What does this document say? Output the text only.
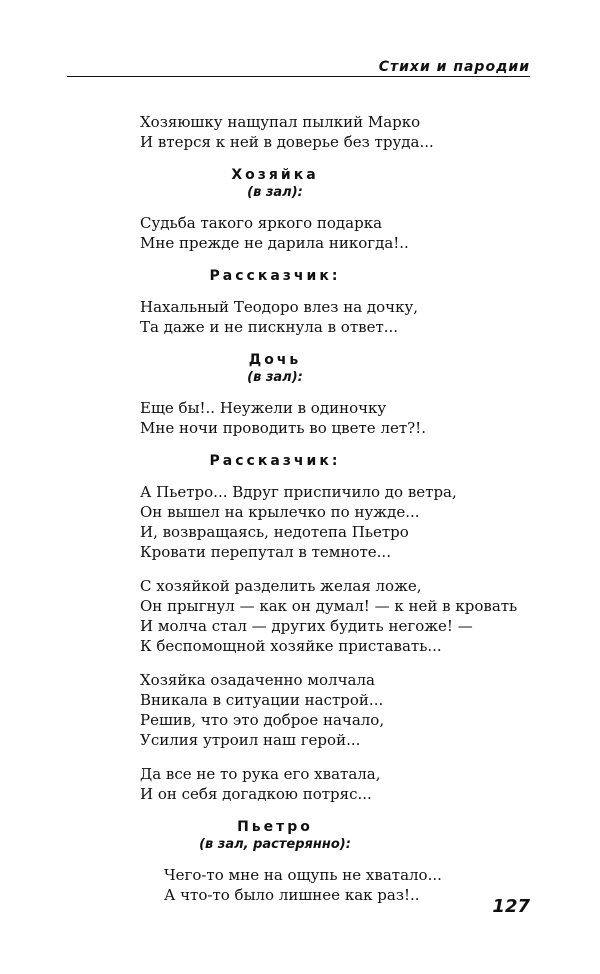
Стихи и пародии
Хозяюшку нащупал пылкий Марко
И втерся к ней в доверье без труда...
Хозяйка
(в зал):
Судьба такого яркого подарка
Мне прежде не дарила никогда!..
Рассказчик:
Нахальный Теодоро влез на дочку,
Та даже и не пискнула в ответ...
Дочь
(в зал):
Еще бы!.. Неужели в одиночку
Мне ночи проводить во цвете лет?!.
Рассказчик:
А Пьетро... Вдруг приспичило до ветра,
Он вышел на крылечко по нужде...
И, возвращаясь, недотепа Пьетро
Кровати перепутал в темноте...
С хозяйкой разделить желая ложе,
Он прыгнул — как он думал! — к ней в кровать
И молча стал — других будить негоже! —
К беспомощной хозяйке приставать...
Хозяйка озадаченно молчала
Вникала в ситуации настрой...
Решив, что это доброе начало,
Усилия утроил наш герой...
Да все не то рука его хватала,
И он себя догадкою потряс...
Пьетро
(в зал, растерянно):
Чего-то мне на ощупь не хватало...
А что-то было лишнее как раз!..
127
